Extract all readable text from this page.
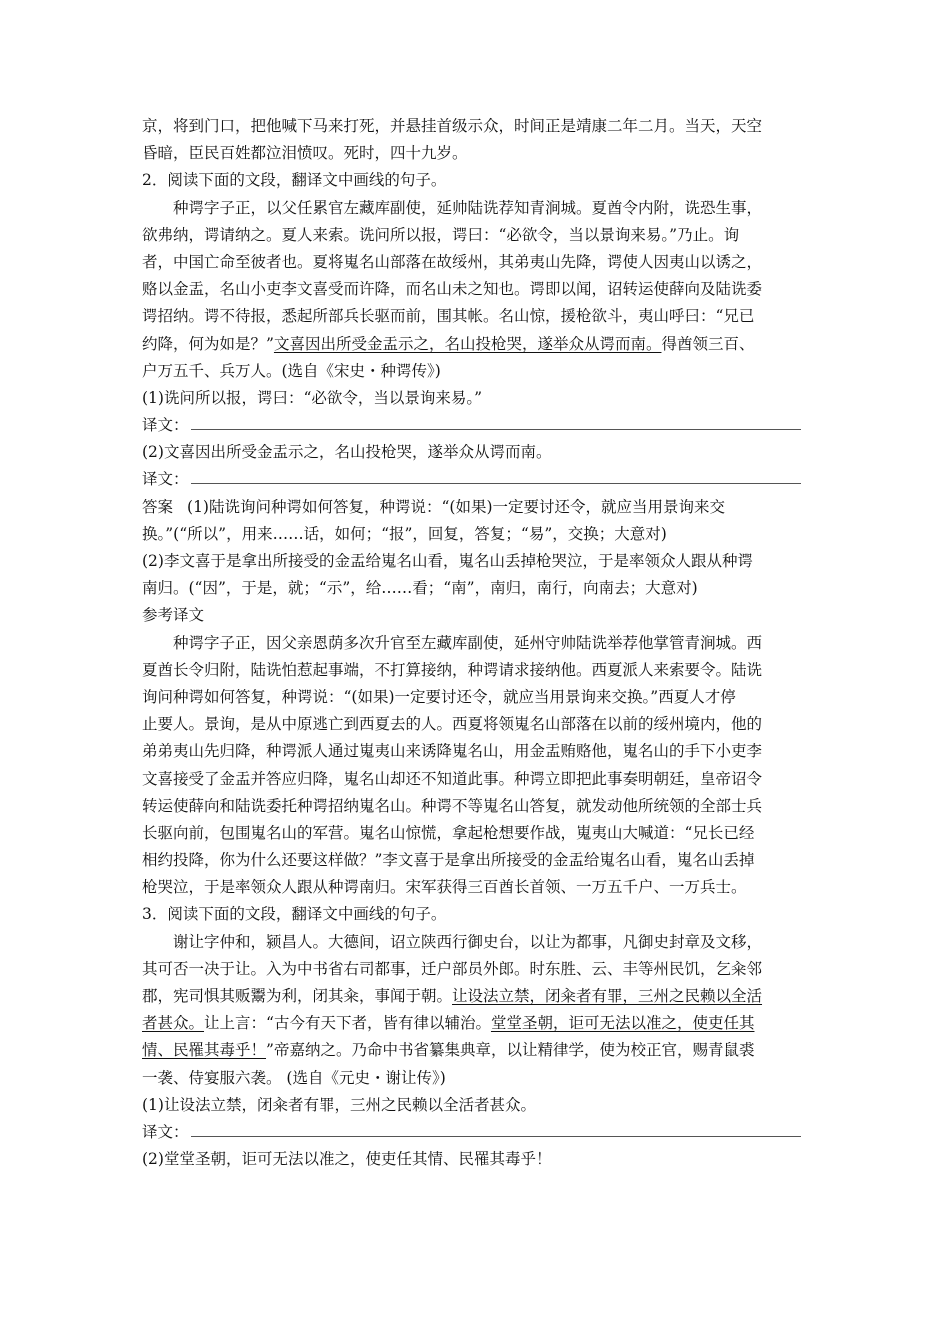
京，将到门口，把他喊下马来打死，并悬挂首级示众，时间正是靖康二年二月。当天，天空
昏暗，臣民百姓都泣泪愤叹。死时，四十九岁。
2．阅读下面的文段，翻译文中画线的句子。
种谔字子正，以父任累官左藏库副使，延帅陆诜荐知青涧城。夏酋令内附，诜恐生事，
欲弗纳，谔请纳之。夏人来索。诜问所以报，谔曰：“必欲令，当以景询来易。”乃止。询
者，中国亡命至彼者也。夏将嵬名山部落在故绥州，其弟夷山先降，谔使人因夷山以诱之，
赂以金盂，名山小吏李文喜受而许降，而名山未之知也。谔即以闻，诏转运使薛向及陆诜委
谔招纳。谔不待报，悉起所部兵长驱而前，围其帐。名山惊，援枪欲斗，夷山呼曰：“兄已
约降，何为如是？”文喜因出所受金盂示之，名山投枪哭，遂举众从谔而南。得酋领三百、
户万五千、兵万人。(选自《宋史・种谔传》)
(1)诜问所以报，谔曰：“必欲令，当以景询来易。”
译文：
(2)文喜因出所受金盂示之，名山投枪哭，遂举众从谔而南。
译文：
答案 (1)陆诜询问种谔如何答复，种谔说：“(如果)一定要讨还令，就应当用景询来交
换。”(“所以”，用来……话，如何；“报”，回复，答复；“易”，交换；大意对)
(2)李文喜于是拿出所接受的金盂给嵬名山看，嵬名山丢掉枪哭泣，于是率领众人跟从种谔
南归。(“因”，于是，就；“示”，给……看；“南”，南归，南行，向南去；大意对)
参考译文
种谔字子正，因父亲恩荫多次升官至左藏库副使，延州守帅陆诜举荐他掌管青涧城。西
夏酋长令归附，陆诜怕惹起事端，不打算接纳，种谔请求接纳他。西夏派人来索要令。陆诜
询问种谔如何答复，种谔说：“(如果)一定要讨还令，就应当用景询来交换。”西夏人才停
止要人。景询，是从中原逃亡到西夏去的人。西夏将领嵬名山部落在以前的绥州境内，他的
弟弟夷山先归降，种谔派人通过嵬夷山来诱降嵬名山，用金盂贿赂他，嵬名山的手下小吏李
文喜接受了金盂并答应归降，嵬名山却还不知道此事。种谔立即把此事奏明朝廷，皇帝诏令
转运使薛向和陆诜委托种谔招纳嵬名山。种谔不等嵬名山答复，就发动他所统领的全部士兵
长驱向前，包围嵬名山的军营。嵬名山惊慌，拿起枪想要作战，嵬夷山大喊道：“兄长已经
相约投降，你为什么还要这样做？”李文喜于是拿出所接受的金盂给嵬名山看，嵬名山丢掉
枪哭泣，于是率领众人跟从种谔南归。宋军获得三百酋长首领、一万五千户、一万兵士。
3．阅读下面的文段，翻译文中画线的句子。
谢让字仲和，颍昌人。大德间，诏立陕西行御史台，以让为都事，凡御史封章及文移，
其可否一决于让。入为中书省右司都事，迁户部员外郎。时东胜、云、丰等州民饥，乞籴邻
郡，宪司惧其贩鬻为利，闭其籴，事闻于朝。让设法立禁，闭籴者有罪，三州之民赖以全活
者甚众。让上言：“古今有天下者，皆有律以辅治。堂堂圣朝，讵可无法以准之，使吏任其
情、民罹其毒乎！”帝嘉纳之。乃命中书省纂集典章，以让精律学，使为校正官，赐青鼠裘
一袭、侍宴服六袭。 (选自《元史・谢让传》)
(1)让设法立禁，闭籴者有罪，三州之民赖以全活者甚众。
译文：
(2)堂堂圣朝，讵可无法以准之，使吏任其情、民罹其毒乎！
